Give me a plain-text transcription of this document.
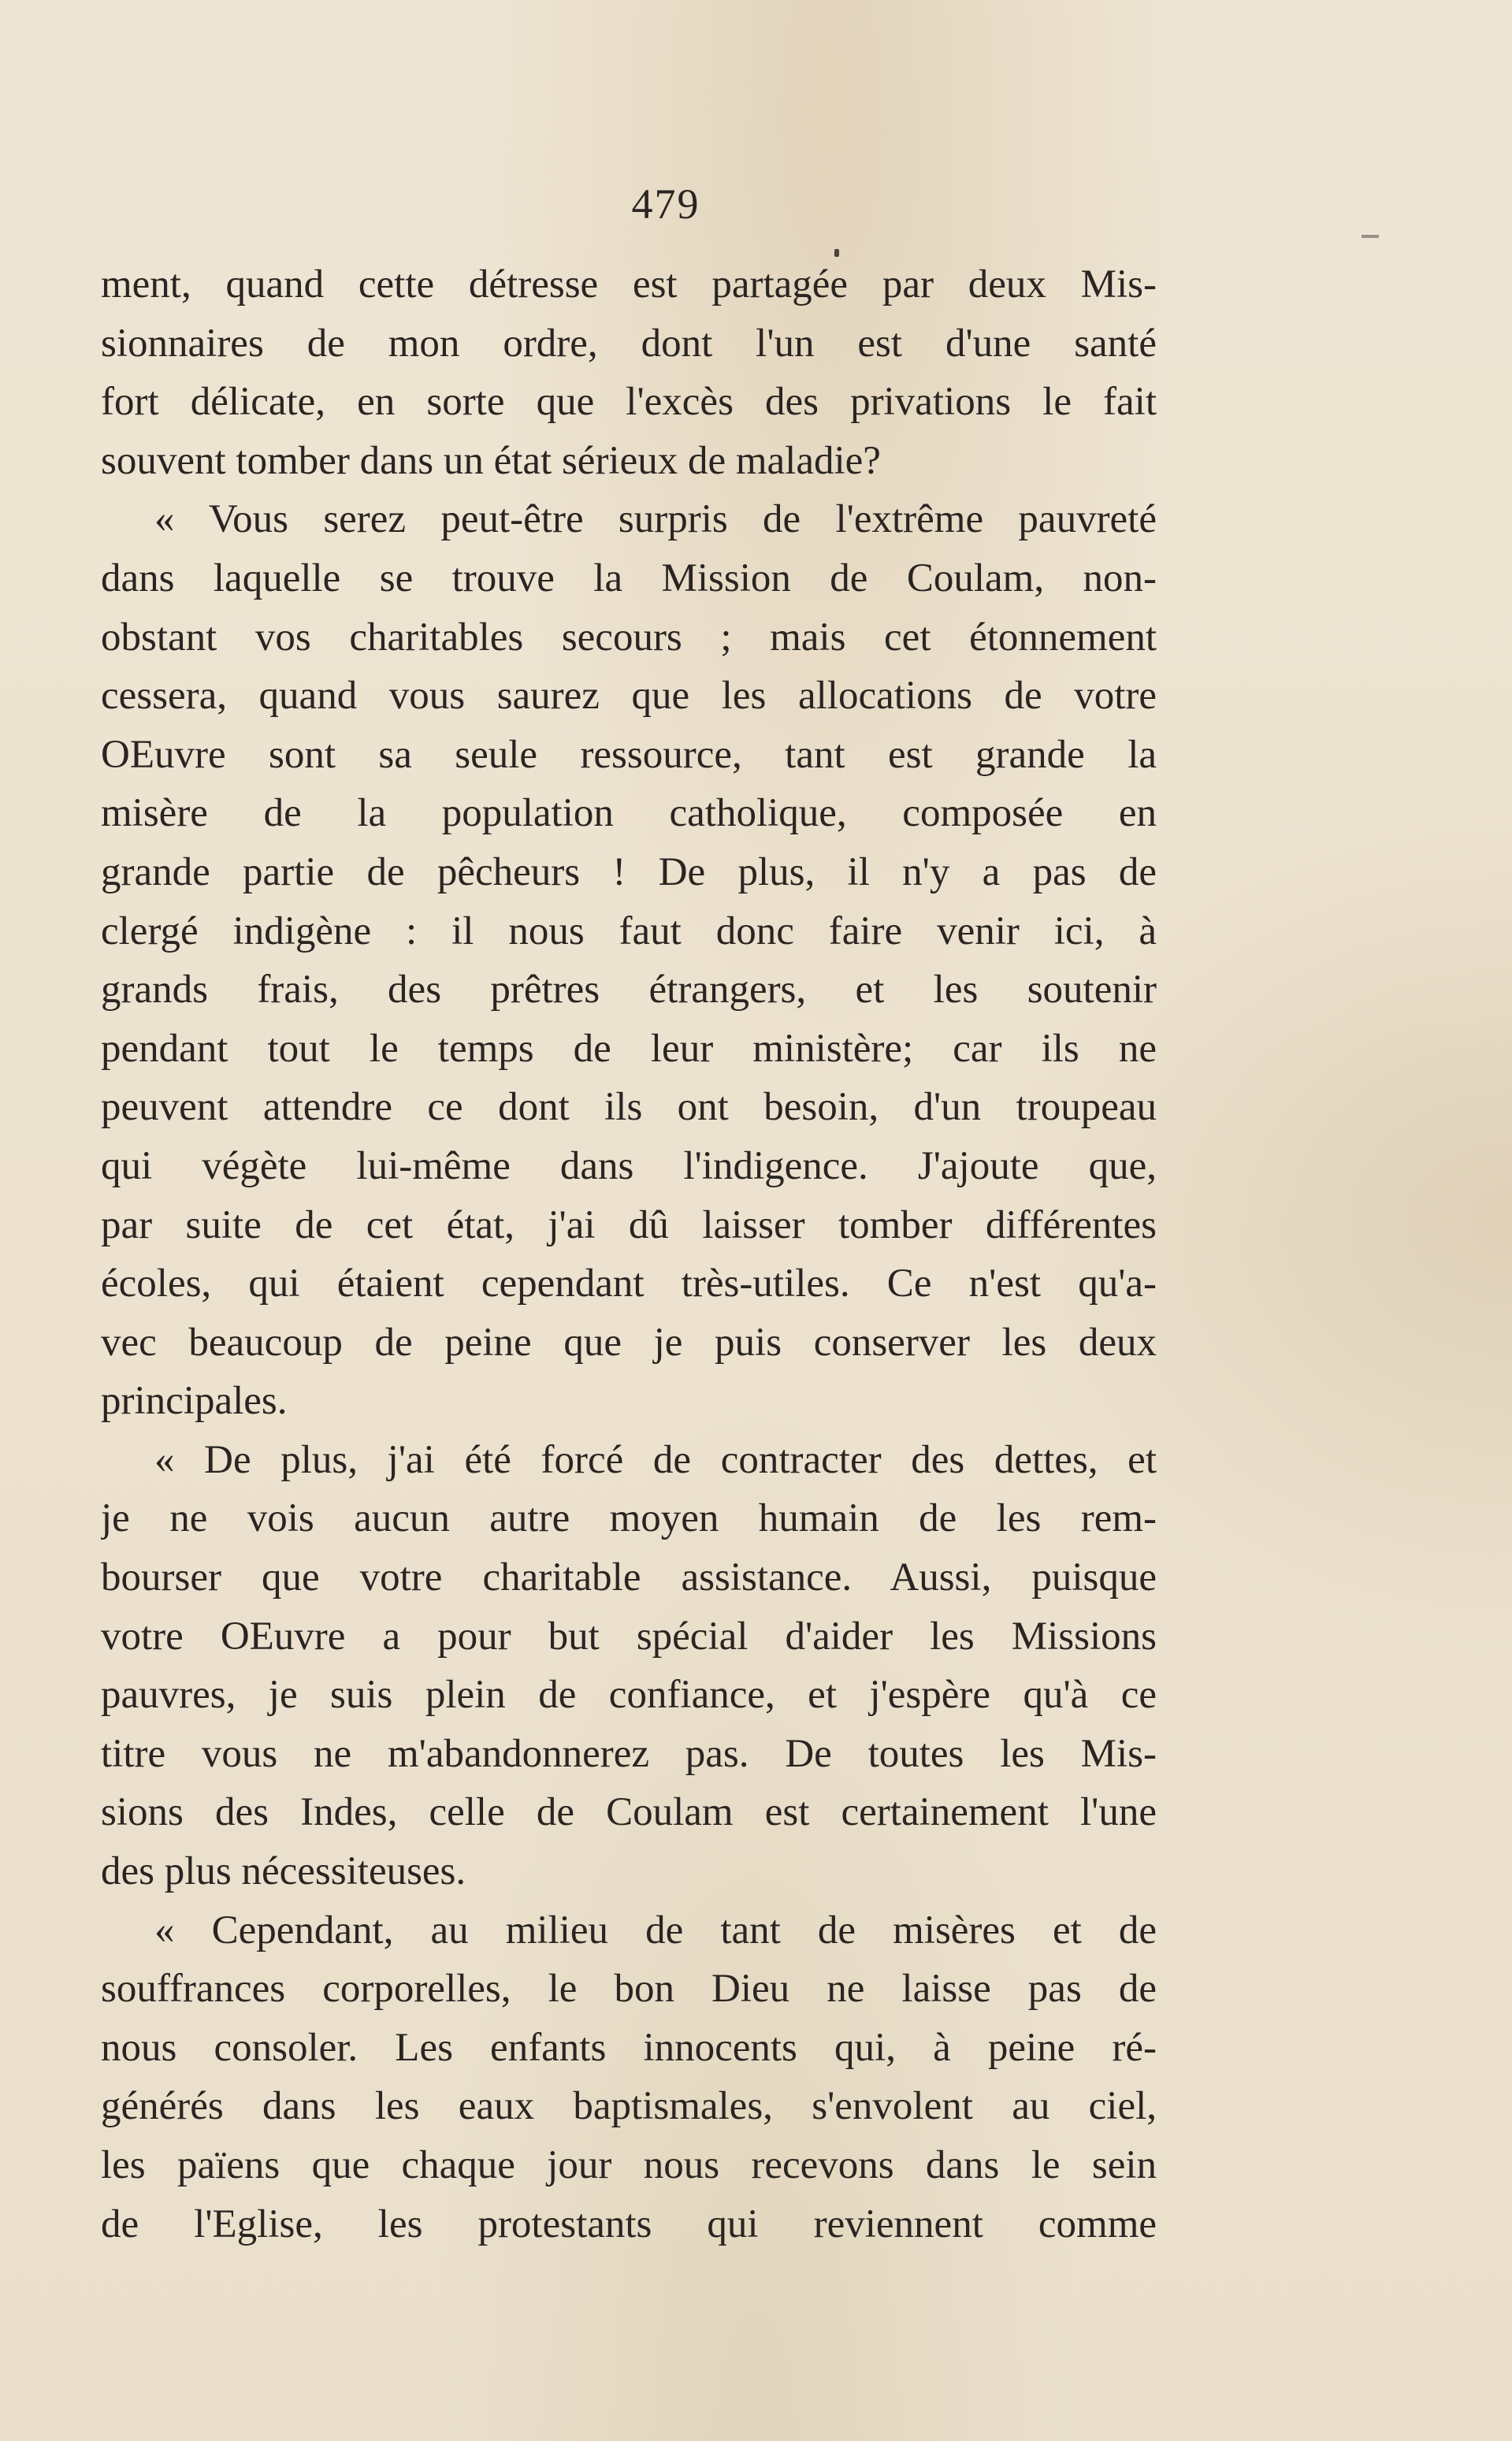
479
ment, quand cette détresse est partagée par deux Mis-
sionnaires de mon ordre, dont l'un est d'une santé
fort délicate, en sorte que l'excès des privations le fait
souvent tomber dans un état sérieux de maladie?
« Vous serez peut-être surpris de l'extrême pauvreté
dans laquelle se trouve la Mission de Coulam, non-
obstant vos charitables secours ; mais cet étonnement
cessera, quand vous saurez que les allocations de votre
OEuvre sont sa seule ressource, tant est grande la
misère de la population catholique, composée en
grande partie de pêcheurs ! De plus, il n'y a pas de
clergé indigène : il nous faut donc faire venir ici, à
grands frais, des prêtres étrangers, et les soutenir
pendant tout le temps de leur ministère; car ils ne
peuvent attendre ce dont ils ont besoin, d'un troupeau
qui végète lui-même dans l'indigence. J'ajoute que,
par suite de cet état, j'ai dû laisser tomber différentes
écoles, qui étaient cependant très-utiles. Ce n'est qu'a-
vec beaucoup de peine que je puis conserver les deux
principales.
« De plus, j'ai été forcé de contracter des dettes, et
je ne vois aucun autre moyen humain de les rem-
bourser que votre charitable assistance. Aussi, puisque
votre OEuvre a pour but spécial d'aider les Missions
pauvres, je suis plein de confiance, et j'espère qu'à ce
titre vous ne m'abandonnerez pas. De toutes les Mis-
sions des Indes, celle de Coulam est certainement l'une
des plus nécessiteuses.
« Cependant, au milieu de tant de misères et de
souffrances corporelles, le bon Dieu ne laisse pas de
nous consoler. Les enfants innocents qui, à peine ré-
générés dans les eaux baptismales, s'envolent au ciel,
les païens que chaque jour nous recevons dans le sein
de l'Eglise, les protestants qui reviennent comme
